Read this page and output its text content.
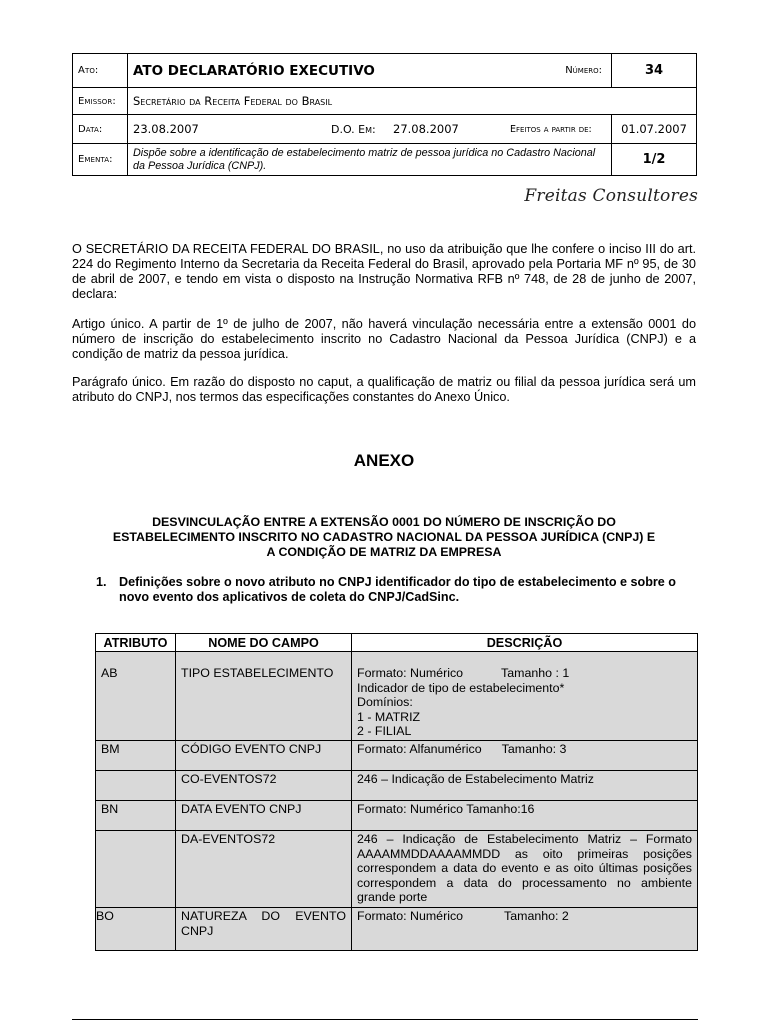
Ato:	ATO DECLARATÓRIO EXECUTIVO Número:	34
Emissor:	Secretário da Receita Federal do Brasil	
Data:	23.08.2007 D.O. Em: 27.08.2007 Efeitos a partir de:	01.07.2007
Ementa:	Dispõe sobre a identificação de estabelecimento matriz de pessoa jurídica no Cadastro Nacional da Pessoa Jurídica (CNPJ).	1/2
Freitas Consultores

O SECRETÁRIO DA RECEITA FEDERAL DO BRASIL, no uso da atribuição que lhe confere o inciso III do art. 224 do Regimento Interno da Secretaria da Receita Federal do Brasil, aprovado pela Portaria MF nº 95, de 30 de abril de 2007, e tendo em vista o disposto na Instrução Normativa RFB nº 748, de 28 de junho de 2007, declara:

Artigo único. A partir de 1º de julho de 2007, não haverá vinculação necessária entre a extensão 0001 do número de inscrição do estabelecimento inscrito no Cadastro Nacional da Pessoa Jurídica (CNPJ) e a condição de matriz da pessoa jurídica.

Parágrafo único. Em razão do disposto no caput, a qualificação de matriz ou filial da pessoa jurídica será um atributo do CNPJ, nos termos das especificações constantes do Anexo Único.

ANEXO
DESVINCULAÇÃO ENTRE A EXTENSÃO 0001 DO NÚMERO DE INSCRIÇÃO DO ESTABELECIMENTO INSCRITO NO CADASTRO NACIONAL DA PESSOA JURÍDICA (CNPJ) E A CONDIÇÃO DE MATRIZ DA EMPRESA
1. Definições sobre o novo atributo no CNPJ identificador do tipo de estabelecimento e sobre o novo evento dos aplicativos de coleta do CNPJ/CadSinc.
ATRIBUTO	NOME DO CAMPO	DESCRIÇÃO
AB	TIPO ESTABELECIMENTO	Formato: Numérico Tamanho : 1
Indicador de tipo de estabelecimento*
Domínios:
1 - MATRIZ
2 - FILIAL

BM	CÓDIGO EVENTO CNPJ	Formato: Alfanumérico Tamanho: 3
	CO-EVENTOS72	246 – Indicação de Estabelecimento Matriz
BN	DATA EVENTO CNPJ	Formato: Numérico Tamanho:16
	DA-EVENTOS72	246 – Indicação de Estabelecimento Matriz – Formato AAAAMMDDAAAAMMDD as oito primeiras posições correspondem a data do evento e as oito últimas posições correspondem a data do processamento no ambiente grande porte
BO	NATUREZA DO EVENTO CNPJ	Formato: Numérico Tamanho: 2
